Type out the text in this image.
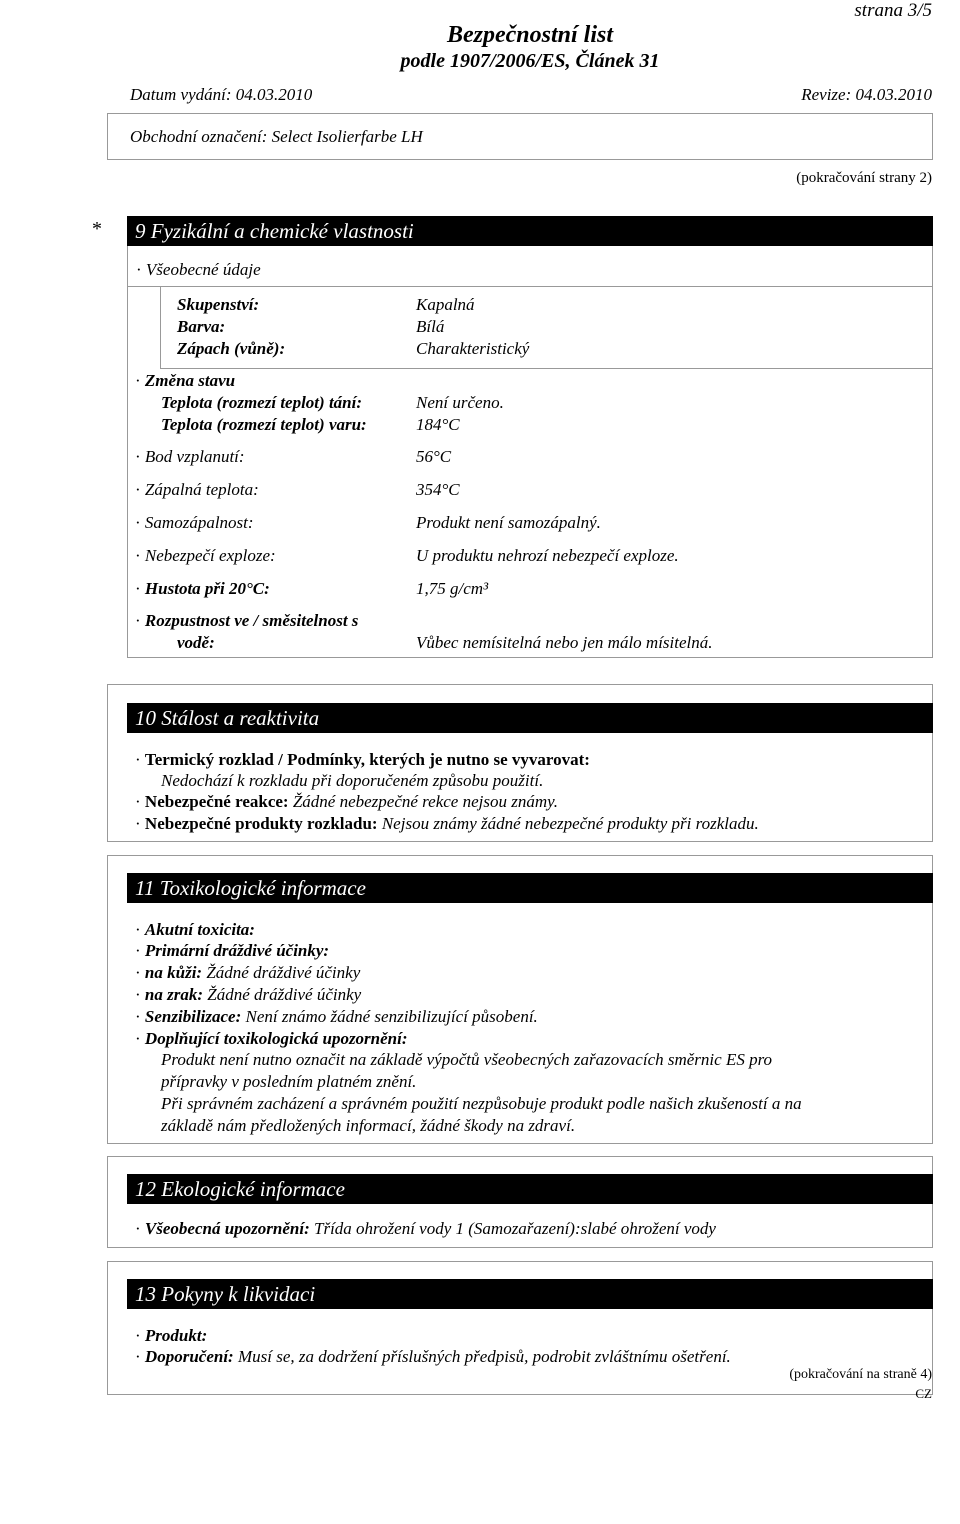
strana 3/5
Bezpečnostní list
podle 1907/2006/ES, Článek 31
Datum vydání: 04.03.2010	Revize: 04.03.2010
Obchodní označení: Select Isolierfarbe LH
(pokračování strany 2)
*	9 Fyzikální a chemické vlastnosti
· Všeobecné údaje
Skupenství:	Kapalná
Barva:	Bílá
Zápach (vůně):	Charakteristický
· Změna stavu
Teplota (rozmezí teplot) tání:	Není určeno.
Teplota (rozmezí teplot) varu:	184°C
· Bod vzplanutí:	56°C
· Zápalná teplota:	354°C
· Samozápalnost:	Produkt není samozápalný.
· Nebezpečí exploze:	U produktu nehrozí nebezpečí exploze.
· Hustota při 20°C:	1,75 g/cm³
· Rozpustnost ve / směsitelnost s
vodě:	Vůbec nemísitelná nebo jen málo mísitelná.
10 Stálost a reaktivita
· Termický rozklad / Podmínky, kterých je nutno se vyvarovat:
Nedochází k rozkladu při doporučeném způsobu použití.
· Nebezpečné reakce: Žádné nebezpečné rekce nejsou známy.
· Nebezpečné produkty rozkladu: Nejsou známy žádné nebezpečné produkty při rozkladu.
11 Toxikologické informace
· Akutní toxicita:
· Primární dráždivé účinky:
· na kůži: Žádné dráždivé účinky
· na zrak: Žádné dráždivé účinky
· Senzibilizace: Není známo žádné senzibilizující působení.
· Doplňující toxikologická upozornění:
Produkt není nutno označit na základě výpočtů všeobecných zařazovacích směrnic ES pro
přípravky v posledním platném znění.
Při správném zacházení a správném použití nezpůsobuje produkt podle našich zkušeností a na
základě nám předložených informací, žádné škody na zdraví.
12 Ekologické informace
· Všeobecná upozornění: Třída ohrožení vody 1 (Samozařazení):slabé ohrožení vody
13 Pokyny k likvidaci
· Produkt:
· Doporučení: Musí se, za dodržení příslušných předpisů, podrobit zvláštnímu ošetření.
(pokračování na straně 4)
CZ
